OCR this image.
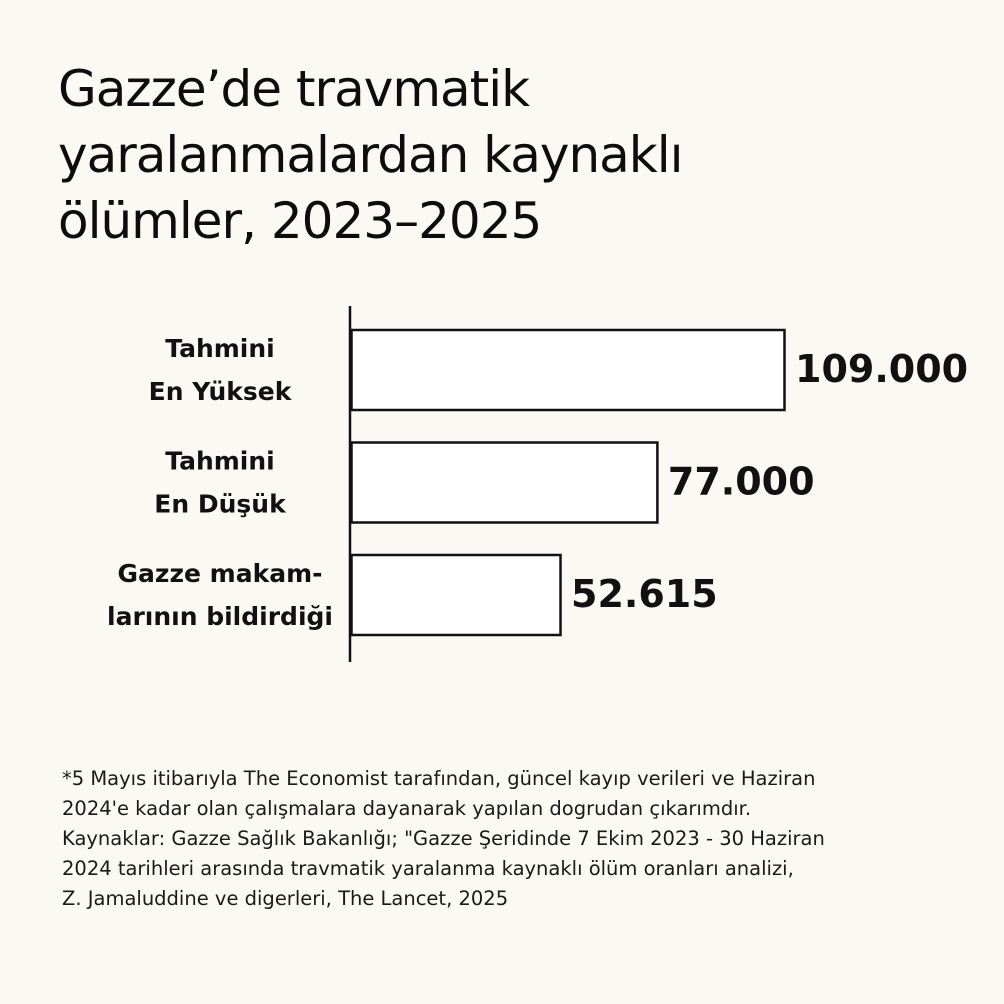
Gazze’de travmatik
yaralanmalardan kaynaklı
ölümler, 2023–2025
Tahmini
En Yüksek
109.000
Tahmini
En Düşük
77.000
Gazze makam-
larının bildirdiği
52.615
*5 Mayıs itibarıyla The Economist tarafından, güncel kayıp verileri ve Haziran
2024'e kadar olan çalışmalara dayanarak yapılan dogrudan çıkarımdır.
Kaynaklar: Gazze Sağlık Bakanlığı; "Gazze Şeridinde 7 Ekim 2023 - 30 Haziran
2024 tarihleri arasında travmatik yaralanma kaynaklı ölüm oranları analizi,
Z. Jamaluddine ve digerleri, The Lancet, 2025
